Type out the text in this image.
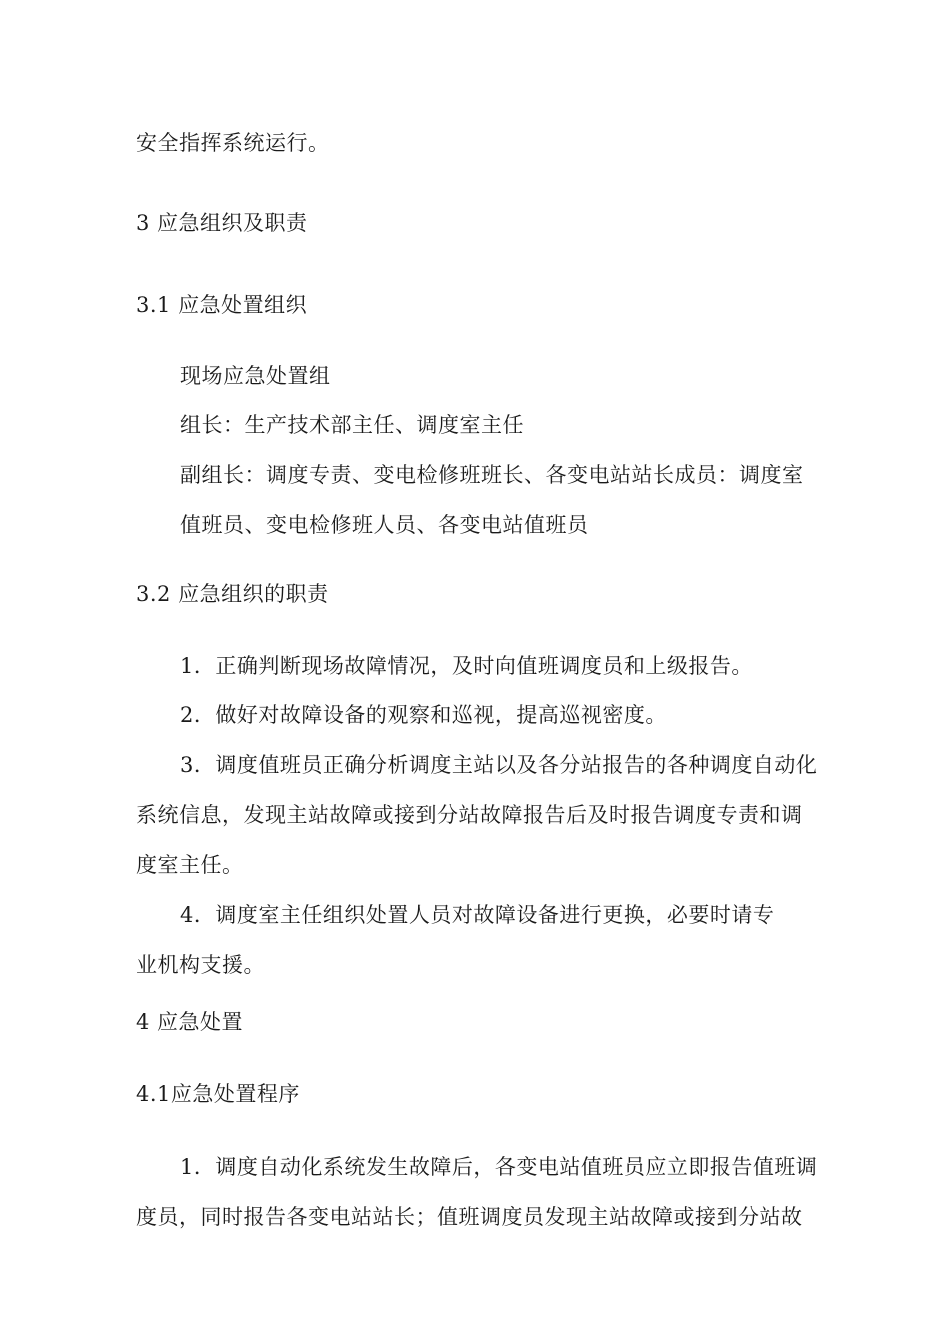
安全指挥系统运行。
3 应急组织及职责
3.1 应急处置组织
现场应急处置组
组长：生产技术部主任、调度室主任
副组长：调度专责、变电检修班班长、各变电站站长成员：调度室
值班员、变电检修班人员、各变电站值班员
3.2 应急组织的职责
1．正确判断现场故障情况，及时向值班调度员和上级报告。
2．做好对故障设备的观察和巡视，提高巡视密度。
3．调度值班员正确分析调度主站以及各分站报告的各种调度自动化
系统信息，发现主站故障或接到分站故障报告后及时报告调度专责和调
度室主任。
4．调度室主任组织处置人员对故障设备进行更换，必要时请专
业机构支援。
4 应急处置
4.1应急处置程序
1．调度自动化系统发生故障后，各变电站值班员应立即报告值班调
度员，同时报告各变电站站长；值班调度员发现主站故障或接到分站故
